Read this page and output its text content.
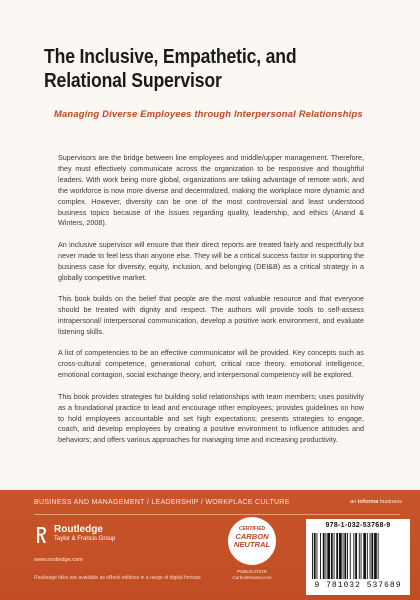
The Inclusive, Empathetic, and
Relational Supervisor
Managing Diverse Employees through Interpersonal Relationships

Supervisors are the bridge between line employees and middle/upper management. Therefore, they must effectively communicate across the organization to be responsive and thoughtful leaders. With work being more global, organizations are taking advantage of remote work, and the workforce is now more diverse and decentralized, making the workplace more dynamic and complex. However, diversity can be one of the most controversial and least understood business topics because of the issues regarding quality, leadership, and ethics (Anand & Winters, 2008).

An inclusive supervisor will ensure that their direct reports are treated fairly and respectfully but never made to feel less than anyone else. They will be a critical success factor in supporting the business case for diversity, equity, inclusion, and belonging (DEI&B) as a critical strategy in a globally competitive market.

This book builds on the belief that people are the most valuable resource and that everyone should be treated with dignity and respect. The authors will provide tools to self-assess intrapersonal/ interpersonal communication, develop a positive work environment, and evaluate listening skills.

A list of competencies to be an effective communicator will be provided. Key concepts such as cross-cultural competence, generational cohort, critical race theory, emotional intelligence, emotional contagion, social exchange theory, and interpersonal competency will be explored.

This book provides strategies for building solid relationships with team members; uses positivity as a foundational practice to lead and encourage other employees; provides guidelines on how to hold employees accountable and set high expectations; presents strategies to engage, coach, and develop employees by creating a positive environment to influence attitudes and behaviors; and offers various approaches for managing time and increasing productivity.

BUSINESS AND MANAGEMENT / LEADERSHIP / WORKPLACE CULTURE	an informa business
Routledge
Taylor & Francis Group
www.routledge.com
Routledge titles are available as eBook editions in a range of digital formats
CERTIFIED
CARBON
NEUTRAL
PUBLICATION
CarbonNeutral.com
978-1-032-53768-9
9 781032 537689
